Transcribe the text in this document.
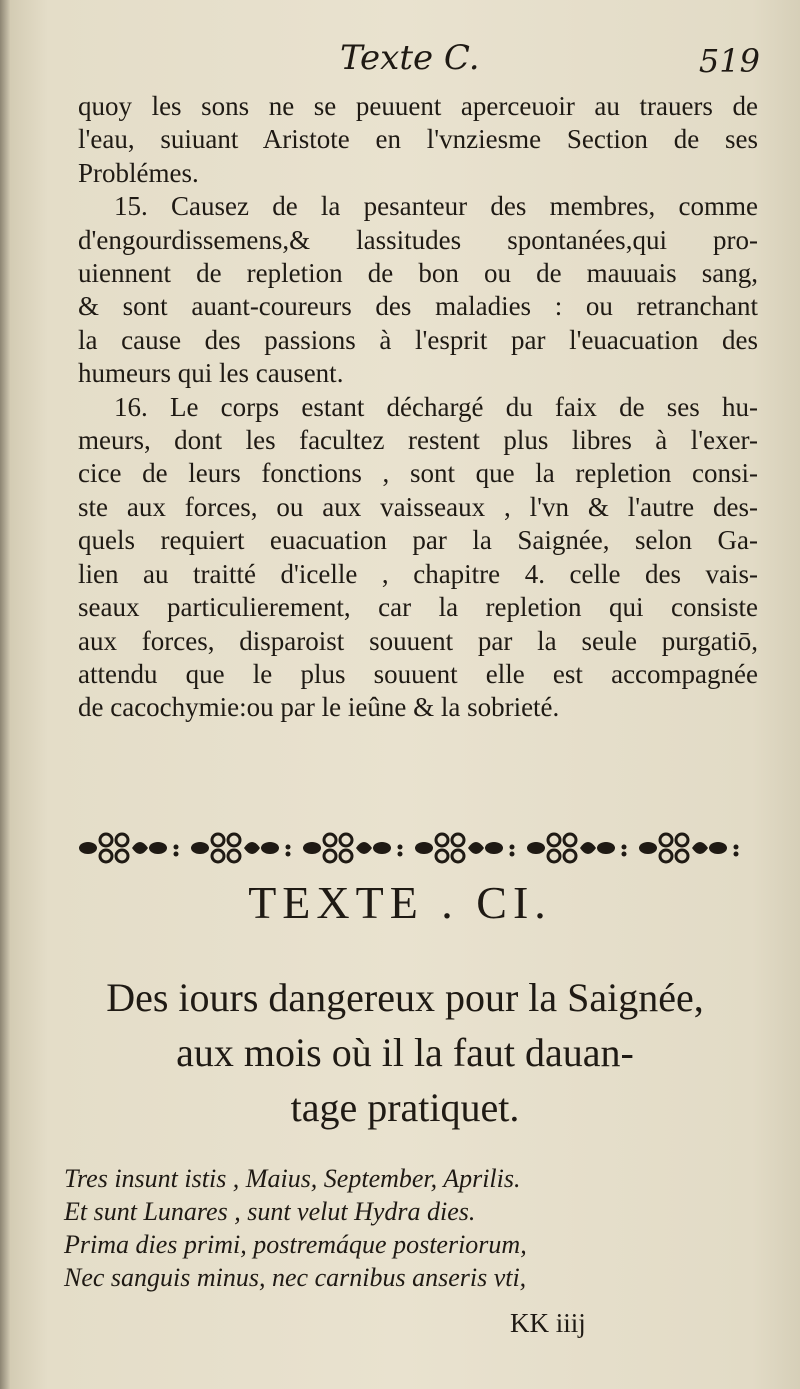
Texte C.	519
quoy les sons ne se peuuent aperceuoir au trauers de
l'eau, suiuant Aristote en l'vnziesme Section de ses
Problémes.
15. Causez de la pesanteur des membres, comme
d'engourdissemens,& lassitudes spontanées,qui pro-
uiennent de repletion de bon ou de mauuais sang,
& sont auant-coureurs des maladies : ou retranchant
la cause des passions à l'esprit par l'euacuation des
humeurs qui les causent.
16. Le corps estant déchargé du faix de ses hu-
meurs, dont les facultez restent plus libres à l'exer-
cice de leurs fonctions , sont que la repletion consi-
ste aux forces, ou aux vaisseaux , l'vn & l'autre des-
quels requiert euacuation par la Saignée, selon Ga-
lien au traitté d'icelle , chapitre 4. celle des vais-
seaux particulierement, car la repletion qui consiste
aux forces, disparoist souuent par la seule purgatiō,
attendu que le plus souuent elle est accompagnée
de cacochymie:ou par le ieûne & la sobrieté.
TEXTE . CI.
Des iours dangereux pour la Saignée,
aux mois où il la faut dauan-
tage pratiquet.
Tres insunt istis , Maius, September, Aprilis.
Et sunt Lunares , sunt velut Hydra dies.
Prima dies primi, postremáque posteriorum,
Nec sanguis minus, nec carnibus anseris vti,
KK iiij
